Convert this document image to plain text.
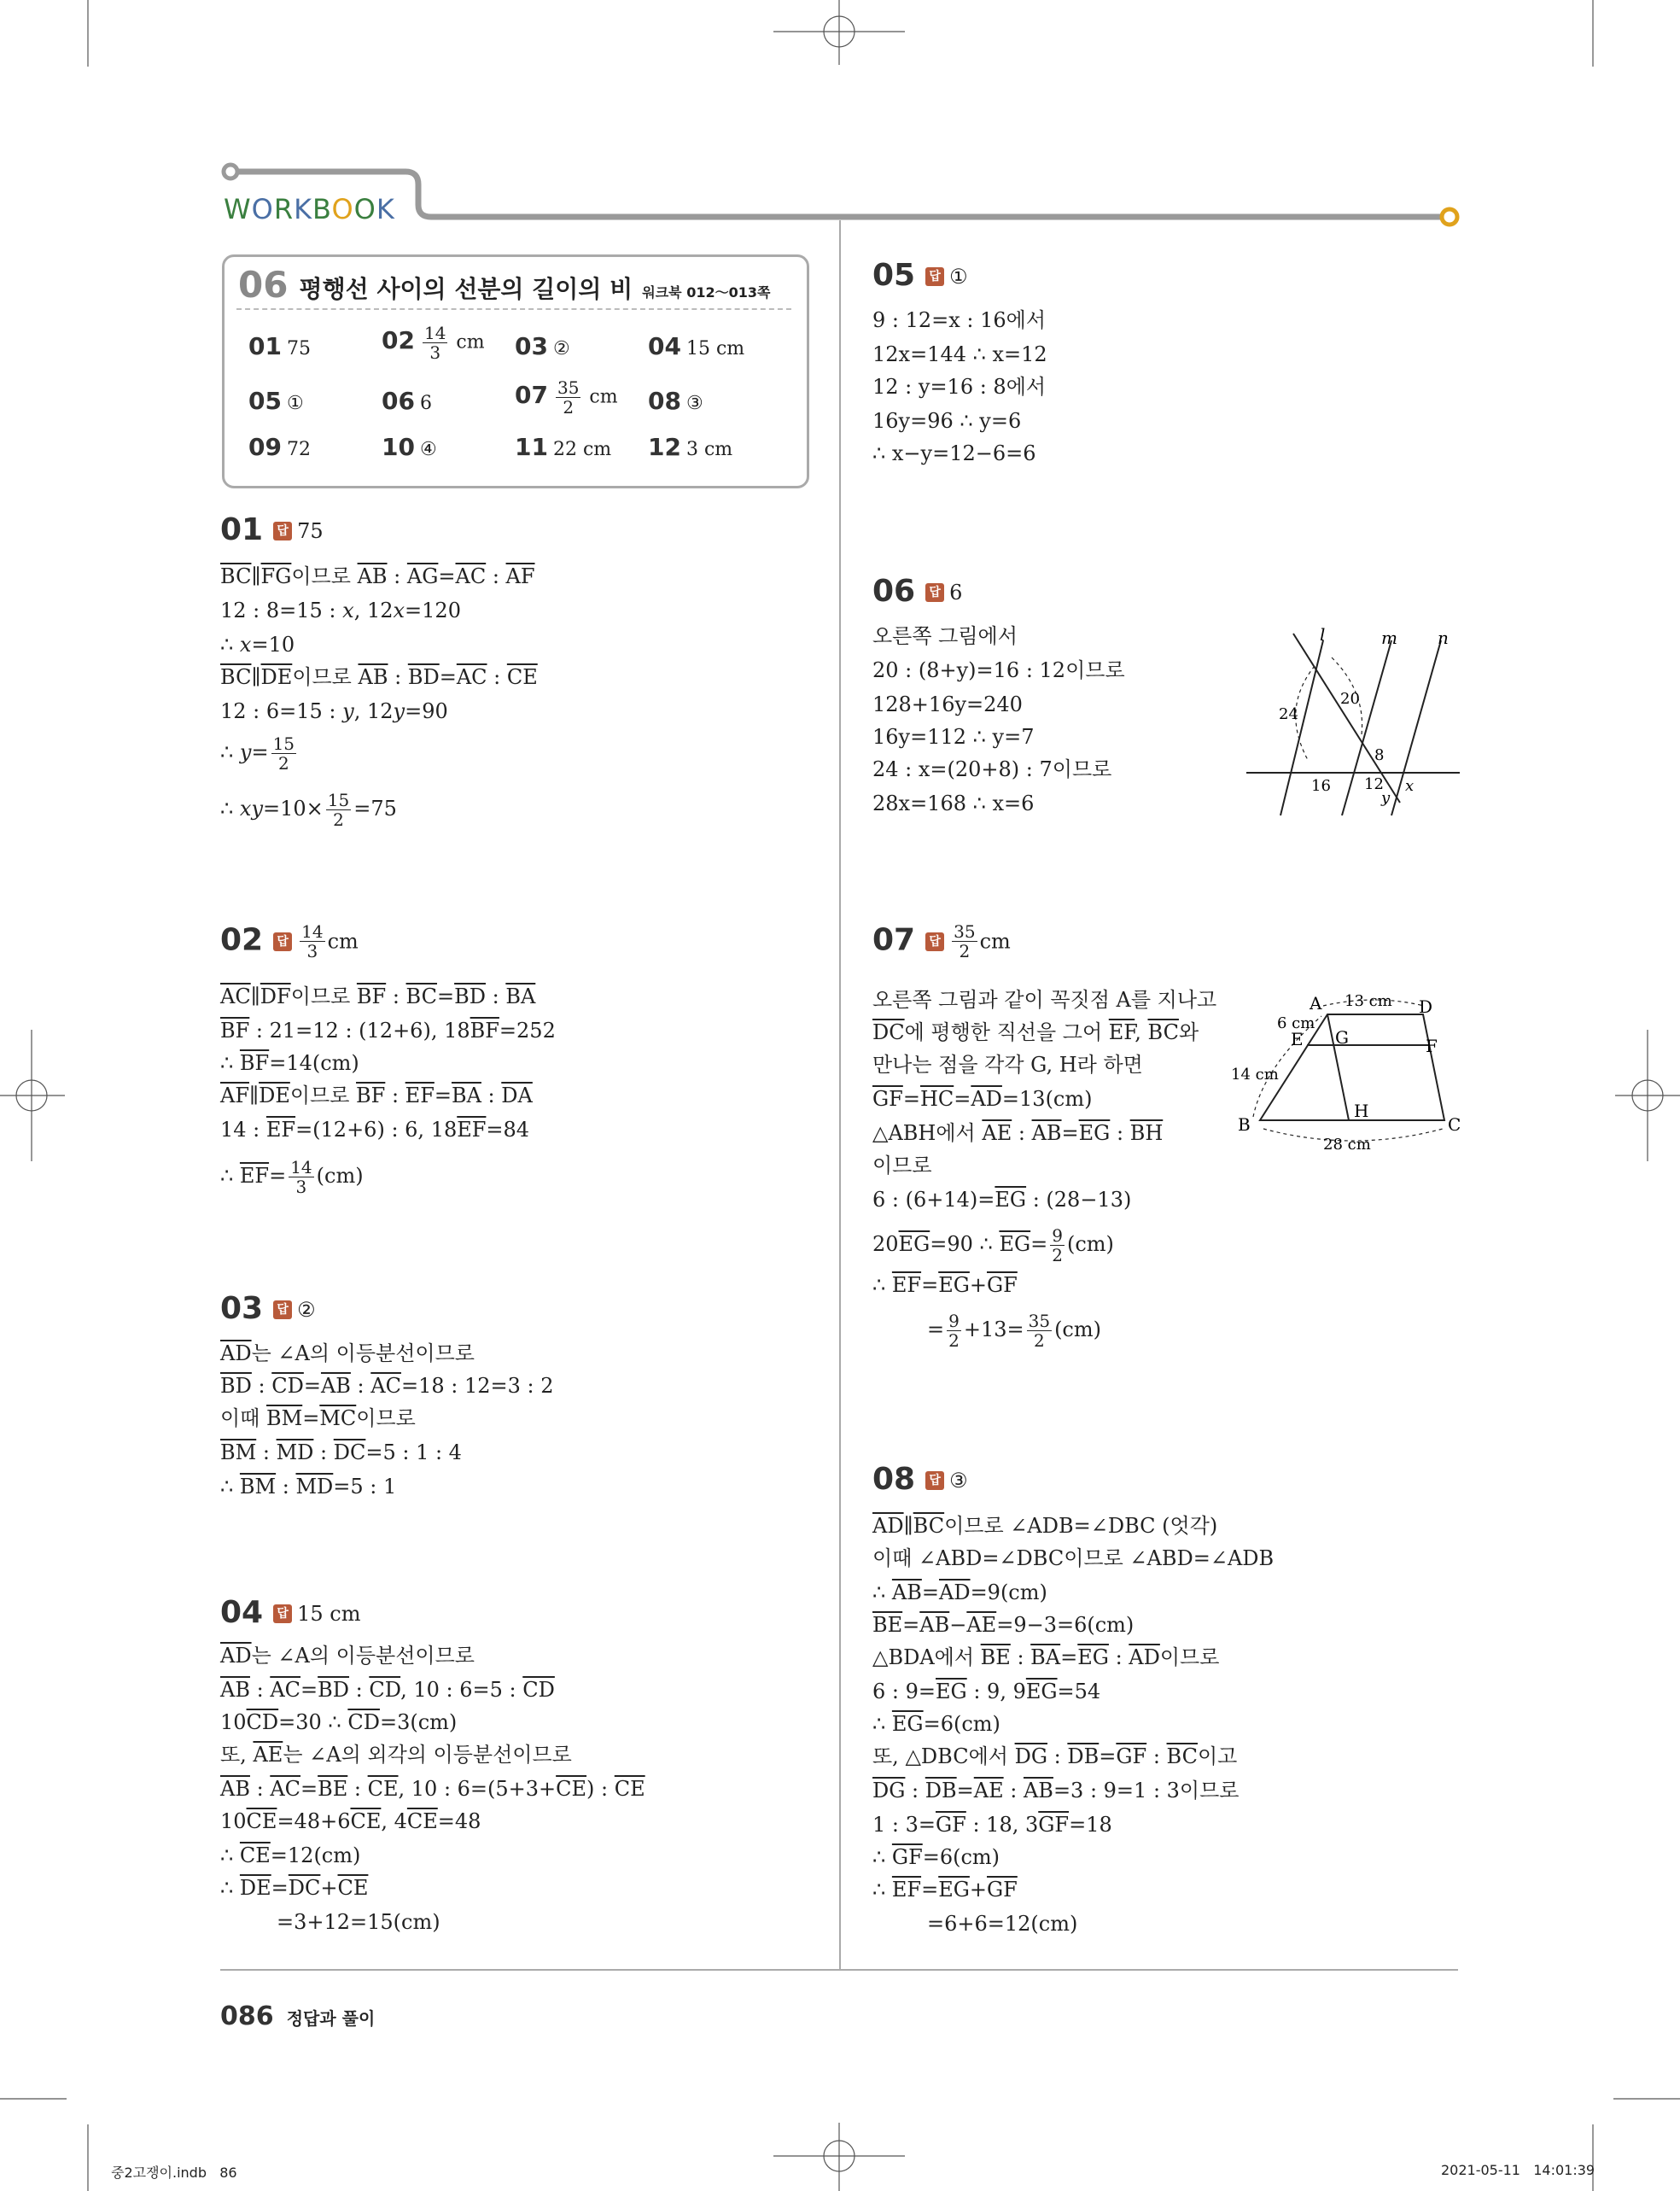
WORKBOOK
06 평행선 사이의 선분의 길이의 비 워크북 012～013쪽
01 75	$02 \frac{14}{3}$ cm 03 ②	04 15 cm
05 ①	06 6	$07 \frac{35}{2}$ cm 08 ③
09 72	10 ④	11 22 cm 12 3 cm
01 답 75
$\overline{BC}\parallel\overline{FG}$이므로 $\overline{AB}$ : $\overline{AG}=\overline{AC}$ : $\overline{AF}$
12 : 8=15 : x, 12x=120
∴ x=10
$\overline{BC}\parallel\overline{DE}$이므로 $\overline{AB}$ : $\overline{BD}=\overline{AC}$ : $\overline{CE}$
12 : 6=15 : y, 12y=90
∴ $y= \frac{15}{2}$
∴ $xy=10\times \frac{15}{2} =75$
02 답 $\frac{14}{3}$ cm
$\overline{AC}\parallel\overline{DF}$이므로 $\overline{BF}$ : $\overline{BC}=\overline{BD}$ : $\overline{BA}$
$\overline{BF}$ : 21=12 : (12+6), $18\overline{BF}=252$
∴ $\overline{BF}=14(cm)$
$\overline{AF}\parallel\overline{DE}$이므로 $\overline{BF}$ : $\overline{EF}=\overline{BA}$ : $\overline{DA}$
14 : $\overline{EF}=(12+6)$ : 6, $18\overline{EF}=84$
∴ $\overline{EF}= \frac{14}{3} (cm)$
03 답 ②
$\overline{AD}$는 ∠A의 이등분선이므로
$\overline{BD}$ : $\overline{CD}=\overline{AB}$ : $\overline{AC}=18$ : 12=3 : 2
이때 $\overline{BM}=\overline{MC}$이므로
$\overline{BM}$ : $\overline{MD}$ : $\overline{DC}=5$ : 1 : 4
∴ $\overline{BM}$ : $\overline{MD}=5$ : 1
04 답 15 cm
$\overline{AD}$는 ∠A의 이등분선이므로
$\overline{AB}$ : $\overline{AC}=\overline{BD}$ : $\overline{CD}$, 10 : 6=5 : $\overline{CD}$
$10\overline{CD}=30$ ∴ $\overline{CD}=3(cm)$
또, $\overline{AE}$는 ∠A의 외각의 이등분선이므로
$\overline{AB}$ : $\overline{AC}=\overline{BE}$ : $\overline{CE}$, 10 : $6=(5+3+\overline{CE})$ : $\overline{CE}$
$10\overline{CE}=48+6\overline{CE}$, $4\overline{CE}=48$
∴ $\overline{CE}=12(cm)$
∴ $\overline{DE}=\overline{DC}+\overline{CE}$
=3+12=15(cm)
05 답 ①
9 : 12=x : 16에서
12x=144 ∴ x=12
12 : y=16 : 8에서
16y=96 ∴ y=6
∴ x−y=12−6=6
06 답 6
오른쪽 그림에서
20 : (8+y)=16 : 12이므로
128+16y=240
16y=112 ∴ y=7
24 : x=(20+8) : 7이므로
28x=168 ∴ x=6
l	m n
24
20
8
16 12
y
x
07 답 $\frac{35}{2}$ cm
오른쪽 그림과 같이 꼭짓점 A를 지나고
$\overline{DC}$에 평행한 직선을 그어 $\overline{EF}$, $\overline{BC}$와
만나는 점을 각각 G, H라 하면
$\overline{GF}=\overline{HC}=\overline{AD}=13(cm)$
△ABH에서 $\overline{AE}$ : $\overline{AB}=\overline{EG}$ : $\overline{BH}$
이므로
6 : $(6+14)=\overline{EG}$ : (28−13)
$20\overline{EG}=90$ ∴ $\overline{EG}= \frac{9}{2} (cm)$
∴ $\overline{EF}=\overline{EG}+\overline{GF}$
= $\frac{9}{2} +13= \frac{35}{2} (cm)$
A 13 cm D
6 cm
E G	F
14 cm
B
H
C
28 cm
08 답 ③
$\overline{AD}\parallel\overline{BC}$이므로 ∠ADB=∠DBC (엇각)
이때 ∠ABD=∠DBC이므로 ∠ABD=∠ADB
∴ $\overline{AB}=\overline{AD}=9(cm)$
$\overline{BE}=\overline{AB}-\overline{AE}=9-3=6(cm)$
△BDA에서 $\overline{BE}$ : $\overline{BA}=\overline{EG}$ : $\overline{AD}$이므로
6 : $9=\overline{EG}$ : 9, $9\overline{EG}=54$
∴ $\overline{EG}=6(cm)$
또, △DBC에서 $\overline{DG}$ : $\overline{DB}=\overline{GF}$ : $\overline{BC}$이고
$\overline{DG}$ : $\overline{DB}=\overline{AE}$ : $\overline{AB}=3$ : 9=1 : 3이므로
1 : $3=\overline{GF}$ : 18, $3\overline{GF}=18$
∴ $\overline{GF}=6(cm)$
∴ $\overline{EF}=\overline{EG}+\overline{GF}$
=6+6=12(cm)
086 정답과 풀이
중2고쟁이.indb   86	2021-05-11   14:01:39
